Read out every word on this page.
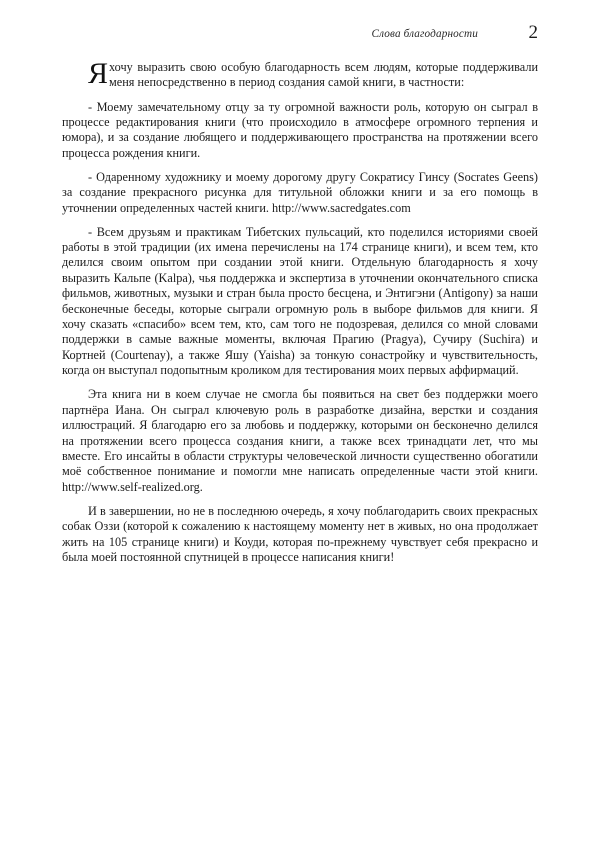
Слова благодарности	2

Яхочу выразить свою особую благодарность всем людям, которые поддерживали меня непосредственно в период создания самой книги, в частности:

- Моему замечательному отцу за ту огромной важности роль, которую он сыграл в процессе редактирования книги (что происходило в атмосфере огромного терпения и юмора), и за создание любящего и поддерживающего пространства на протяжении всего процесса рождения книги.

- Одаренному художнику и моему дорогому другу Сократису Гинсу (Socrates Geens) за создание прекрасного рисунка для титульной обложки книги и за его помощь в уточнении определенных частей книги. http://www.sacredgates.com

- Всем друзьям и практикам Тибетских пульсаций, кто поделился историями своей работы в этой традиции (их имена перечислены на 174 странице книги), и всем тем, кто делился своим опытом при создании этой книги. Отдельную благодарность я хочу выразить Кальпе (Kalpa), чья поддержка и экспертиза в уточнении окончательного списка фильмов, животных, музыки и стран была просто бесцена, и Энтигэни (Antigony) за наши бесконечные беседы, которые сыграли огромную роль в выборе фильмов для книги. Я хочу сказать «спасибо» всем тем, кто, сам того не подозревая, делился со мной словами поддержки в самые важные моменты, включая Прагию (Pragya), Сучиру (Suchira) и Кортней (Courtenay), а также Яшу (Yaisha) за тонкую сонастройку и чувствительность, когда он выступал подопытным кроликом для тестирования моих первых аффирмаций.

Эта книга ни в коем случае не смогла бы появиться на свет без поддержки моего партнёра Иана. Он сыграл ключевую роль в разработке дизайна, верстки и создания иллюстраций. Я благодарю его за любовь и поддержку, которыми он бесконечно делился на протяжении всего процесса создания книги, а также всех тринадцати лет, что мы вместе. Его инсайты в области структуры человеческой личности существенно обогатили моё собственное понимание и помогли мне написать определенные части этой книги. http://www.self-realized.org.

И в завершении, но не в последнюю очередь, я хочу поблагодарить своих прекрасных собак Оззи (которой к сожалению к настоящему моменту нет в живых, но она продолжает жить на 105 странице книги) и Коуди, которая по-прежнему чувствует себя прекрасно и была моей постоянной спутницей в процессе написания книги!
